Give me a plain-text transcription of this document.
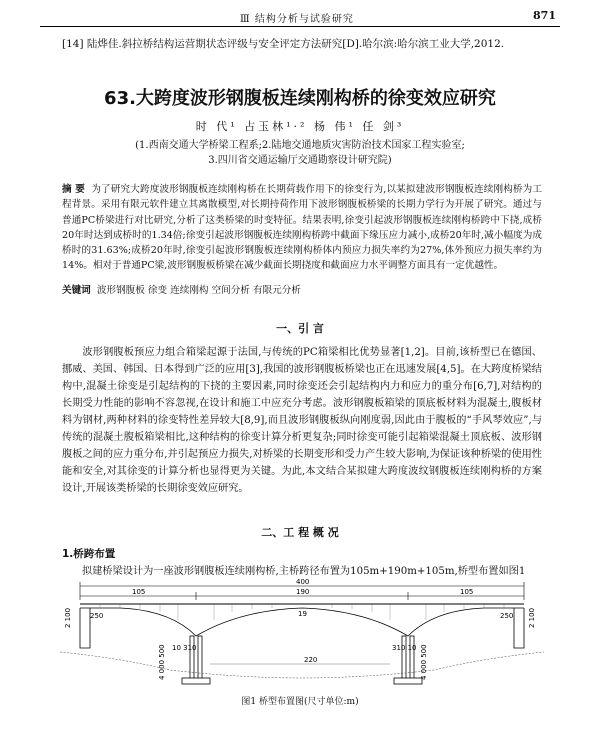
Ⅲ 结构分析与试验研究	871
[14] 陆烨佳.斜拉桥结构运营期状态评级与安全评定方法研究[D].哈尔滨:哈尔滨工业大学,2012.
63.大跨度波形钢腹板连续刚构桥的徐变效应研究
时 代¹ 占玉林¹·² 杨 伟¹ 任 剑³
(1.西南交通大学桥梁工程系;2.陆地交通地质灾害防治技术国家工程实验室;
3.四川省交通运输厅交通勘察设计研究院)
摘 要 为了研究大跨度波形钢腹板连续刚构桥在长期荷载作用下的徐变行为,以某拟建波形钢腹板连续刚构桥为工程背景。采用有限元软件建立其离散模型,对长期持荷作用下波形钢腹板桥梁的长期力学行为开展了研究。通过与普通PC桥梁进行对比研究,分析了这类桥梁的时变特征。结果表明,徐变引起波形钢腹板连续刚构桥跨中下挠,成桥20年时达到成桥时的1.34倍;徐变引起波形钢腹板连续刚构桥跨中截面下缘压应力减小,成桥20年时,减小幅度为成桥时的31.63%;成桥20年时,徐变引起波形钢腹板连续刚构桥体内预应力损失率约为27%,体外预应力损失率约为14%。相对于普通PC梁,波形钢腹板桥梁在减少截面长期挠度和截面应力水平调整方面具有一定优越性。
关键词 波形钢腹板 徐变 连续刚构 空间分析 有限元分析
一、引 言
波形钢腹板预应力组合箱梁起源于法国,与传统的PC箱梁相比优势显著[1,2]。目前,该桥型已在德国、挪威、美国、韩国、日本得到广泛的应用[3],我国的波形钢腹板桥梁也正在迅速发展[4,5]。在大跨度桥梁结构中,混凝土徐变是引起结构的下挠的主要因素,同时徐变还会引起结构内力和应力的重分布[6,7],对结构的长期受力性能的影响不容忽视,在设计和施工中应充分考虑。波形钢腹板箱梁的顶底板材料为混凝土,腹板材料为钢材,两种材料的徐变特性差异较大[8,9],而且波形钢腹板纵向刚度弱,因此由于腹板的“手风琴效应”,与传统的混凝土腹板箱梁相比,这种结构的徐变计算分析更复杂;同时徐变可能引起箱梁混凝土顶底板、波形钢腹板之间的应力重分布,并引起预应力损失,对桥梁的长期变形和受力产生较大影响,为保证该种桥梁的使用性能和安全,对其徐变的计算分析也显得更为关键。为此,本文结合某拟建大跨度波纹钢腹板连续刚构桥的方案设计,开展该类桥梁的长期徐变效应研究。
二、工 程 概 况
1.桥跨布置
拟建桥梁设计为一座波形钢腹板连续刚构桥,主桥跨径布置为105m+190m+105m,桥型布置如图1
400
105	190	105
10 310	310 10
2 100	2 100
4 000 500	4 000 500
250	250
220
19
图1 桥型布置图(尺寸单位:m)
